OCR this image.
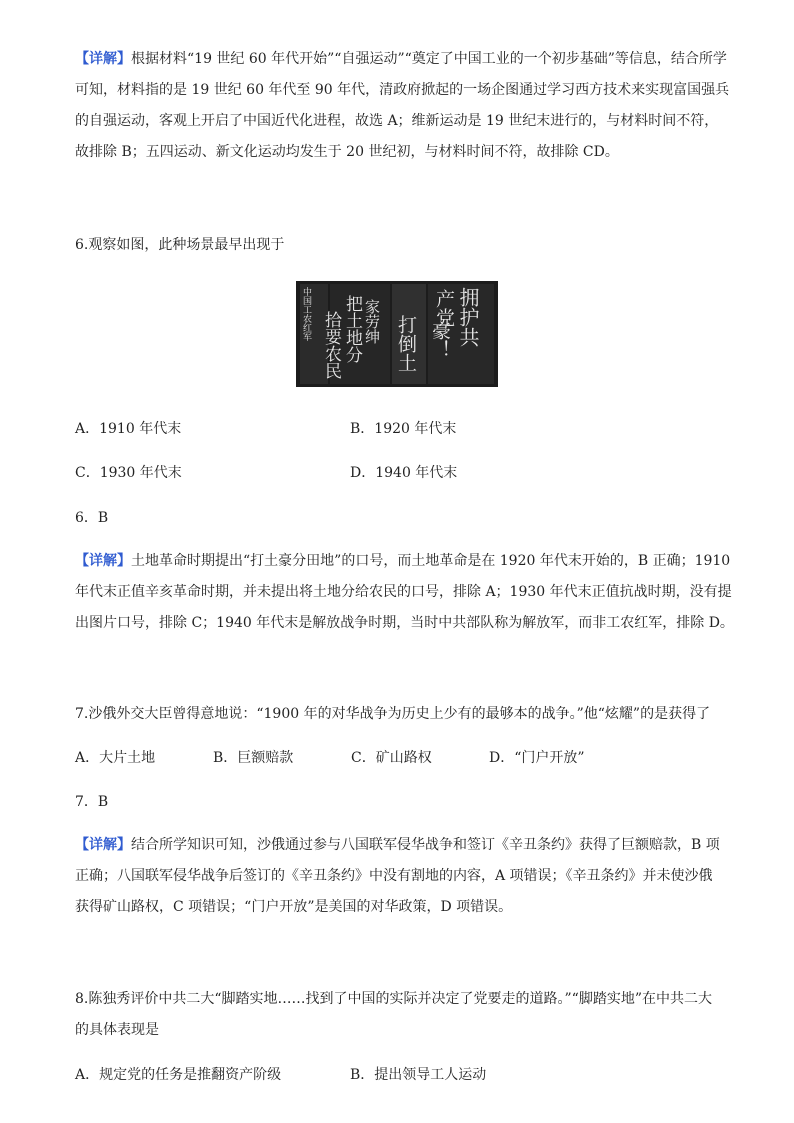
【详解】根据材料“19 世纪 60 年代开始”“自强运动”“奠定了中国工业的一个初步基础”等信息，结合所学
可知，材料指的是 19 世纪 60 年代至 90 年代，清政府掀起的一场企图通过学习西方技术来实现富国强兵
的自强运动，客观上开启了中国近代化进程，故选 A；维新运动是 19 世纪末进行的，与材料时间不符，
故排除 B；五四运动、新文化运动均发生于 20 世纪初，与材料时间不符，故排除 CD。

6.观察如图，此种场景最早出现于

中国工农红军 拾要农民 把土地分 家劳绅 打倒土 豪！ 拥护共
产党
A．1910 年代末	B．1920 年代末
C．1930 年代末	D．1940 年代末

6．B

【详解】土地革命时期提出“打土豪分田地”的口号，而土地革命是在 1920 年代末开始的，B 正确；1910
年代末正值辛亥革命时期，并未提出将土地分给农民的口号，排除 A；1930 年代末正值抗战时期，没有提
出图片口号，排除 C；1940 年代末是解放战争时期，当时中共部队称为解放军，而非工农红军，排除 D。

7.沙俄外交大臣曾得意地说：“1900 年的对华战争为历史上少有的最够本的战争。”他“炫耀”的是获得了

A．大片土地	B．巨额赔款	C．矿山路权	D．“门户开放”

7．B

【详解】结合所学知识可知，沙俄通过参与八国联军侵华战争和签订《辛丑条约》获得了巨额赔款，B 项
正确；八国联军侵华战争后签订的《辛丑条约》中没有割地的内容，A 项错误；《辛丑条约》并未使沙俄
获得矿山路权，C 项错误；“门户开放”是美国的对华政策，D 项错误。
8.陈独秀评价中共二大“脚踏实地……找到了中国的实际并决定了党要走的道路。”“脚踏实地”在中共二大
的具体表现是
A．规定党的任务是推翻资产阶级	B．提出领导工人运动
